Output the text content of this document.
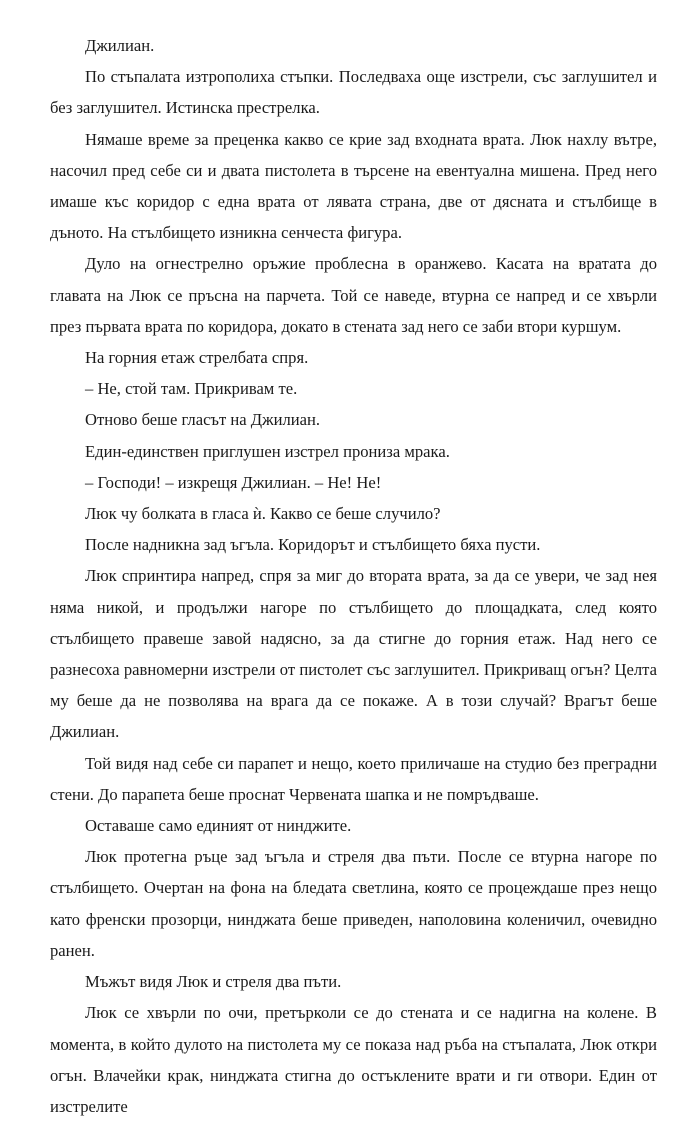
Джилиан.

По стъпалата изтрополиха стъпки. Последваха още изстрели, със заглушител и без заглушител. Истинска престрелка.

Нямаше време за преценка какво се крие зад входната врата. Люк нахлу вътре, насочил пред себе си и двата пистолета в търсене на евентуална мишена. Пред него имаше къс коридор с една врата от лявата страна, две от дясната и стълбище в дъното. На стълбището изникна сенчеста фигура.

Дуло на огнестрелно оръжие проблесна в оранжево. Касата на вратата до главата на Люк се пръсна на парчета. Той се наведе, втурна се напред и се хвърли през първата врата по коридора, докато в стената зад него се заби втори куршум.

На горния етаж стрелбата спря.

– Не, стой там. Прикривам те.

Отново беше гласът на Джилиан.

Един-единствен приглушен изстрел прониза мрака.

– Господи! – изкрещя Джилиан. – Не! Не!

Люк чу болката в гласа ѝ. Какво се беше случило?

После надникна зад ъгъла. Коридорът и стълбището бяха пусти.

Люк спринтира напред, спря за миг до втората врата, за да се увери, че зад нея няма никой, и продължи нагоре по стълбището до площадката, след която стълбището правеше завой надясно, за да стигне до горния етаж. Над него се разнесоха равномерни изстрели от пистолет със заглушител. Прикриващ огън? Целта му беше да не позволява на врага да се покаже. А в този случай? Врагът беше Джилиан.

Той видя над себе си парапет и нещо, което приличаше на студио без преградни стени. До парапета беше проснат Червената шапка и не помръдваше.

Оставаше само единият от нинджите.

Люк протегна ръце зад ъгъла и стреля два пъти. После се втурна нагоре по стълбището. Очертан на фона на бледата светлина, която се процеждаше през нещо като френски прозорци, нинджата беше приведен, наполовина коленичил, очевидно ранен.

Мъжът видя Люк и стреля два пъти.

Люк се хвърли по очи, претърколи се до стената и се надигна на колене. В момента, в който дулото на пистолета му се показа над ръба на стъпалата, Люк откри огън. Влачейки крак, нинджата стигна до остъклените врати и ги отвори. Един от изстрелите
